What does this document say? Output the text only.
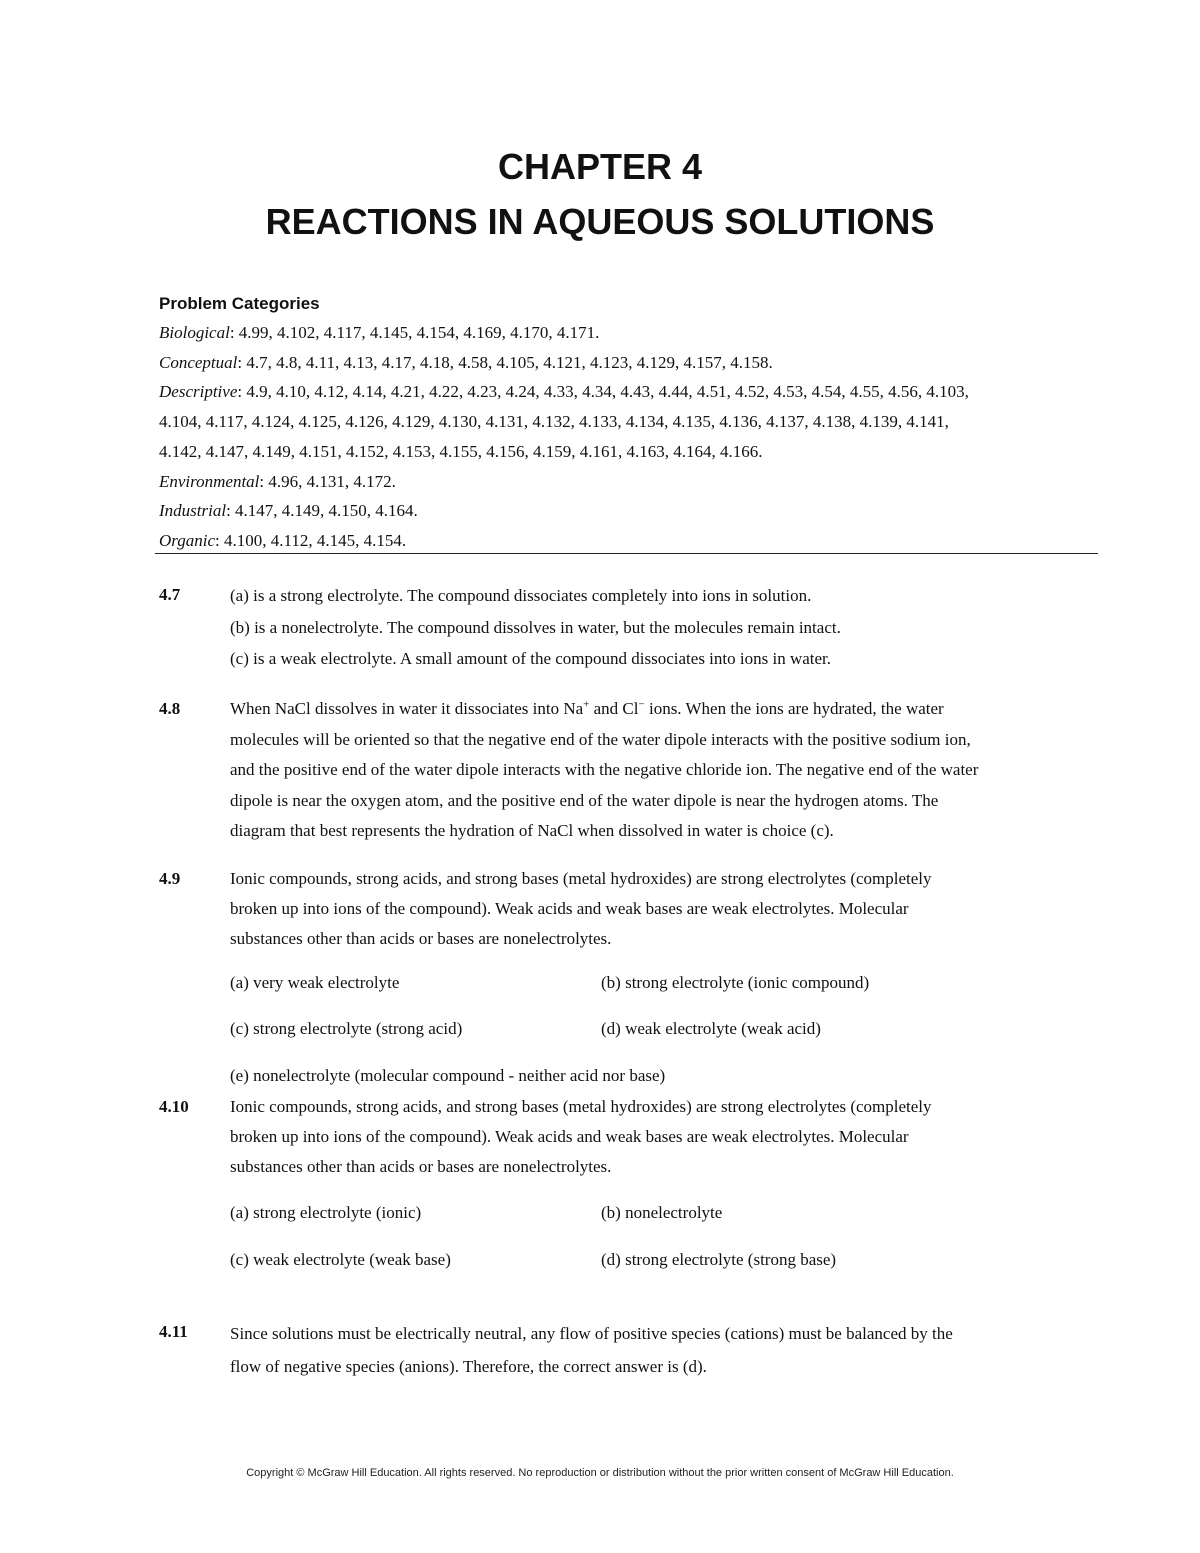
CHAPTER 4
REACTIONS IN AQUEOUS SOLUTIONS
Problem Categories
Biological: 4.99, 4.102, 4.117, 4.145, 4.154, 4.169, 4.170, 4.171.
Conceptual: 4.7, 4.8, 4.11, 4.13, 4.17, 4.18, 4.58, 4.105, 4.121, 4.123, 4.129, 4.157, 4.158.
Descriptive: 4.9, 4.10, 4.12, 4.14, 4.21, 4.22, 4.23, 4.24, 4.33, 4.34, 4.43, 4.44, 4.51, 4.52, 4.53, 4.54, 4.55, 4.56, 4.103,
4.104, 4.117, 4.124, 4.125, 4.126, 4.129, 4.130, 4.131, 4.132, 4.133, 4.134, 4.135, 4.136, 4.137, 4.138, 4.139, 4.141,
4.142, 4.147, 4.149, 4.151, 4.152, 4.153, 4.155, 4.156, 4.159, 4.161, 4.163, 4.164, 4.166.
Environmental: 4.96, 4.131, 4.172.
Industrial: 4.147, 4.149, 4.150, 4.164.
Organic: 4.100, 4.112, 4.145, 4.154.
4.7	(a) is a strong electrolyte. The compound dissociates completely into ions in solution.
(b) is a nonelectrolyte. The compound dissolves in water, but the molecules remain intact.
(c) is a weak electrolyte. A small amount of the compound dissociates into ions in water.
4.8	When NaCl dissolves in water it dissociates into Na+ and Cl− ions. When the ions are hydrated, the water
molecules will be oriented so that the negative end of the water dipole interacts with the positive sodium ion,
and the positive end of the water dipole interacts with the negative chloride ion. The negative end of the water
dipole is near the oxygen atom, and the positive end of the water dipole is near the hydrogen atoms. The
diagram that best represents the hydration of NaCl when dissolved in water is choice (c).
4.9	Ionic compounds, strong acids, and strong bases (metal hydroxides) are strong electrolytes (completely
broken up into ions of the compound). Weak acids and weak bases are weak electrolytes. Molecular
substances other than acids or bases are nonelectrolytes.
(a) very weak electrolyte	(b) strong electrolyte (ionic compound)
(c) strong electrolyte (strong acid)	(d) weak electrolyte (weak acid)
(e) nonelectrolyte (molecular compound - neither acid nor base)
4.10 Ionic compounds, strong acids, and strong bases (metal hydroxides) are strong electrolytes (completely
broken up into ions of the compound). Weak acids and weak bases are weak electrolytes. Molecular
substances other than acids or bases are nonelectrolytes.
(a) strong electrolyte (ionic)	(b) nonelectrolyte
(c) weak electrolyte (weak base)	(d) strong electrolyte (strong base)
4.11 Since solutions must be electrically neutral, any flow of positive species (cations) must be balanced by the
flow of negative species (anions). Therefore, the correct answer is (d).
Copyright © McGraw Hill Education. All rights reserved. No reproduction or distribution without the prior written consent of McGraw Hill Education.
